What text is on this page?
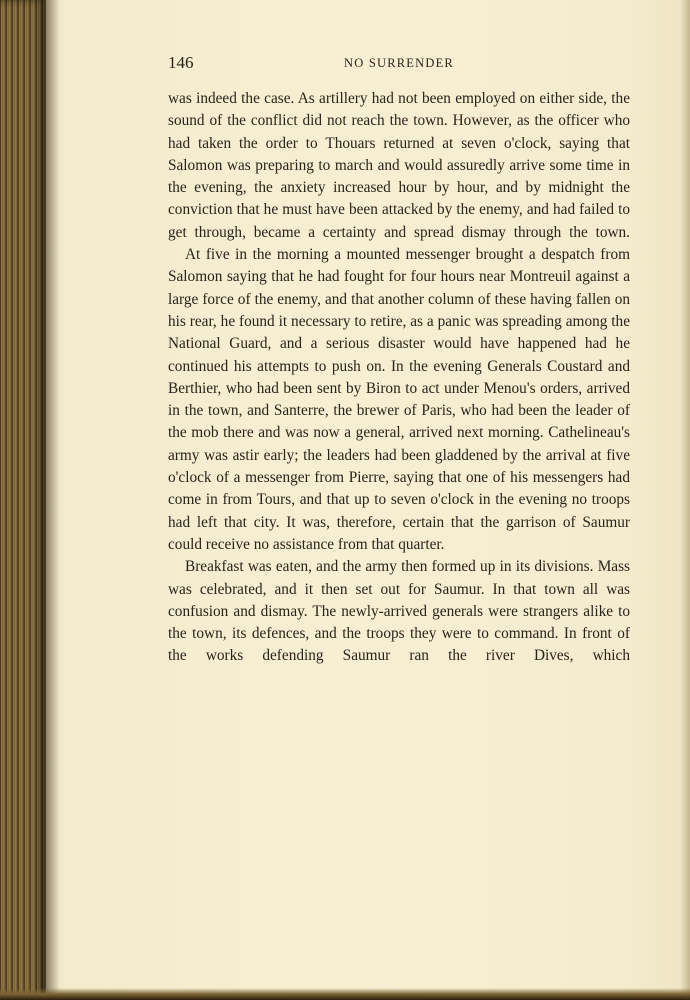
146	NO SURRENDER

was indeed the case. As artillery had not been employed on either side, the sound of the conflict did not reach the town. However, as the officer who had taken the order to Thouars returned at seven o'clock, saying that Salomon was preparing to march and would assuredly arrive some time in the evening, the anxiety increased hour by hour, and by midnight the conviction that he must have been attacked by the enemy, and had failed to get through, became a certainty and spread dismay through the town.

At five in the morning a mounted messenger brought a despatch from Salomon saying that he had fought for four hours near Montreuil against a large force of the enemy, and that another column of these having fallen on his rear, he found it necessary to retire, as a panic was spreading among the National Guard, and a serious disaster would have happened had he continued his attempts to push on. In the evening Generals Coustard and Berthier, who had been sent by Biron to act under Menou's orders, arrived in the town, and Santerre, the brewer of Paris, who had been the leader of the mob there and was now a general, arrived next morning. Cathelineau's army was astir early; the leaders had been gladdened by the arrival at five o'clock of a messenger from Pierre, saying that one of his messengers had come in from Tours, and that up to seven o'clock in the evening no troops had left that city. It was, therefore, certain that the garrison of Saumur could receive no assistance from that quarter.

Breakfast was eaten, and the army then formed up in its divisions. Mass was celebrated, and it then set out for Saumur. In that town all was confusion and dismay. The newly-arrived generals were strangers alike to the town, its defences, and the troops they were to command. In front of the works defending Saumur ran the river Dives, which
